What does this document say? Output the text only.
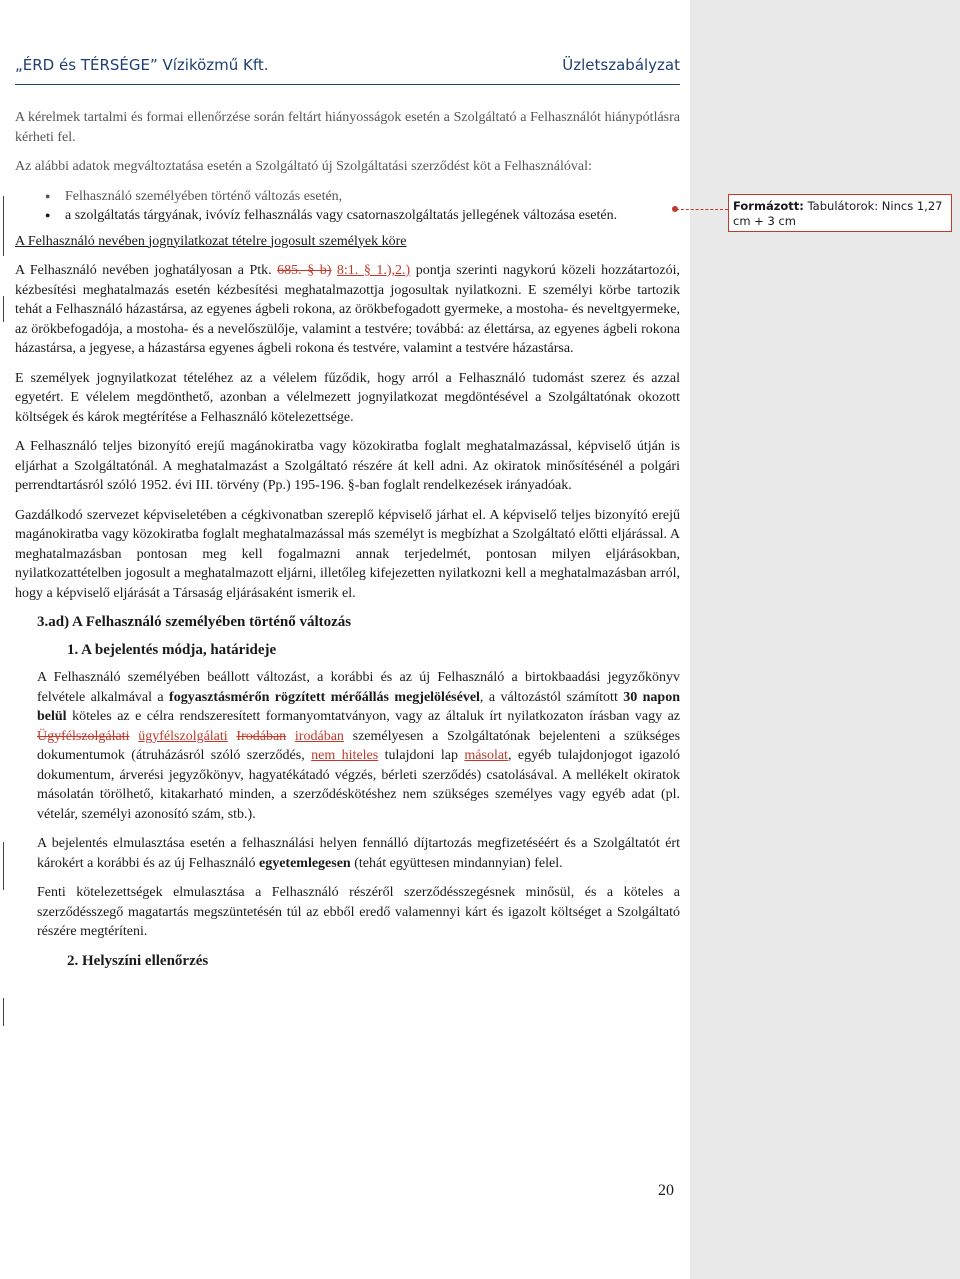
„ÉRD és TÉRSÉGE” Víziközmű Kft.	Üzletszabályzat
Formázott: Tabulátorok: Nincs 1,27 cm + 3 cm

A kérelmek tartalmi és formai ellenőrzése során feltárt hiányosságok esetén a Szolgáltató a Felhasználót hiánypótlásra kérheti fel.

Az alábbi adatok megváltoztatása esetén a Szolgáltató új Szolgáltatási szerződést köt a Felhasználóval:

● Felhasználó személyében történő változás esetén,
● a szolgáltatás tárgyának, ivóvíz felhasználás vagy csatornaszolgáltatás jellegének változása esetén.

A Felhasználó nevében jognyilatkozat tételre jogosult személyek köre

A Felhasználó nevében joghatályosan a Ptk. 685. § b) 8:1. § 1.),2.) pontja szerinti nagykorú közeli hozzátartozói, kézbesítési meghatalmazás esetén kézbesítési meghatalmazottja jogosultak nyilatkozni. E személyi körbe tartozik tehát a Felhasználó házastársa, az egyenes ágbeli rokona, az örökbefogadott gyermeke, a mostoha- és neveltgyermeke, az örökbefogadója, a mostoha- és a nevelőszülője, valamint a testvére; továbbá: az élettársa, az egyenes ágbeli rokona házastársa, a jegyese, a házastársa egyenes ágbeli rokona és testvére, valamint a testvére házastársa.

E személyek jognyilatkozat tételéhez az a vélelem fűződik, hogy arról a Felhasználó tudomást szerez és azzal egyetért. E vélelem megdönthető, azonban a vélelmezett jognyilatkozat megdöntésével a Szolgáltatónak okozott költségek és károk megtérítése a Felhasználó kötelezettsége.

A Felhasználó teljes bizonyító erejű magánokiratba vagy közokiratba foglalt meghatalmazással, képviselő útján is eljárhat a Szolgáltatónál. A meghatalmazást a Szolgáltató részére át kell adni. Az okiratok minősítésénél a polgári perrendtartásról szóló 1952. évi III. törvény (Pp.) 195-196. §-ban foglalt rendelkezések irányadóak.

Gazdálkodó szervezet képviseletében a cégkivonatban szereplő képviselő járhat el. A képviselő teljes bizonyító erejű magánokiratba vagy közokiratba foglalt meghatalmazással más személyt is megbízhat a Szolgáltató előtti eljárással. A meghatalmazásban pontosan meg kell fogalmazni annak terjedelmét, pontosan milyen eljárásokban, nyilatkozattételben jogosult a meghatalmazott eljárni, illetőleg kifejezetten nyilatkozni kell a meghatalmazásban arról, hogy a képviselő eljárását a Társaság eljárásaként ismerik el.

3.ad) A Felhasználó személyében történő változás
1. A bejelentés módja, határideje

A Felhasználó személyében beállott változást, a korábbi és az új Felhasználó a birtokbaadási jegyzőkönyv felvétele alkalmával a fogyasztásmérőn rögzített mérőállás megjelölésével, a változástól számított 30 napon belül köteles az e célra rendszeresített formanyomtatványon, vagy az általuk írt nyilatkozaton írásban vagy az Ügyfélszolgálati ügyfélszolgálati Irodában irodában személyesen a Szolgáltatónak bejelenteni a szükséges dokumentumok (átruházásról szóló szerződés, nem hiteles tulajdoni lap másolat, egyéb tulajdonjogot igazoló dokumentum, árverési jegyzőkönyv, hagyatékátadó végzés, bérleti szerződés) csatolásával. A mellékelt okiratok másolatán törölhető, kitakarható minden, a szerződéskötéshez nem szükséges személyes vagy egyéb adat (pl. vételár, személyi azonosító szám, stb.).

A bejelentés elmulasztása esetén a felhasználási helyen fennálló díjtartozás megfizetéséért és a Szolgáltatót ért károkért a korábbi és az új Felhasználó egyetemlegesen (tehát együttesen mindannyian) felel.

Fenti kötelezettségek elmulasztása a Felhasználó részéről szerződésszegésnek minősül, és a köteles a szerződésszegő magatartás megszüntetésén túl az ebből eredő valamennyi kárt és igazolt költséget a Szolgáltató részére megtéríteni.

2. Helyszíni ellenőrzés
20
